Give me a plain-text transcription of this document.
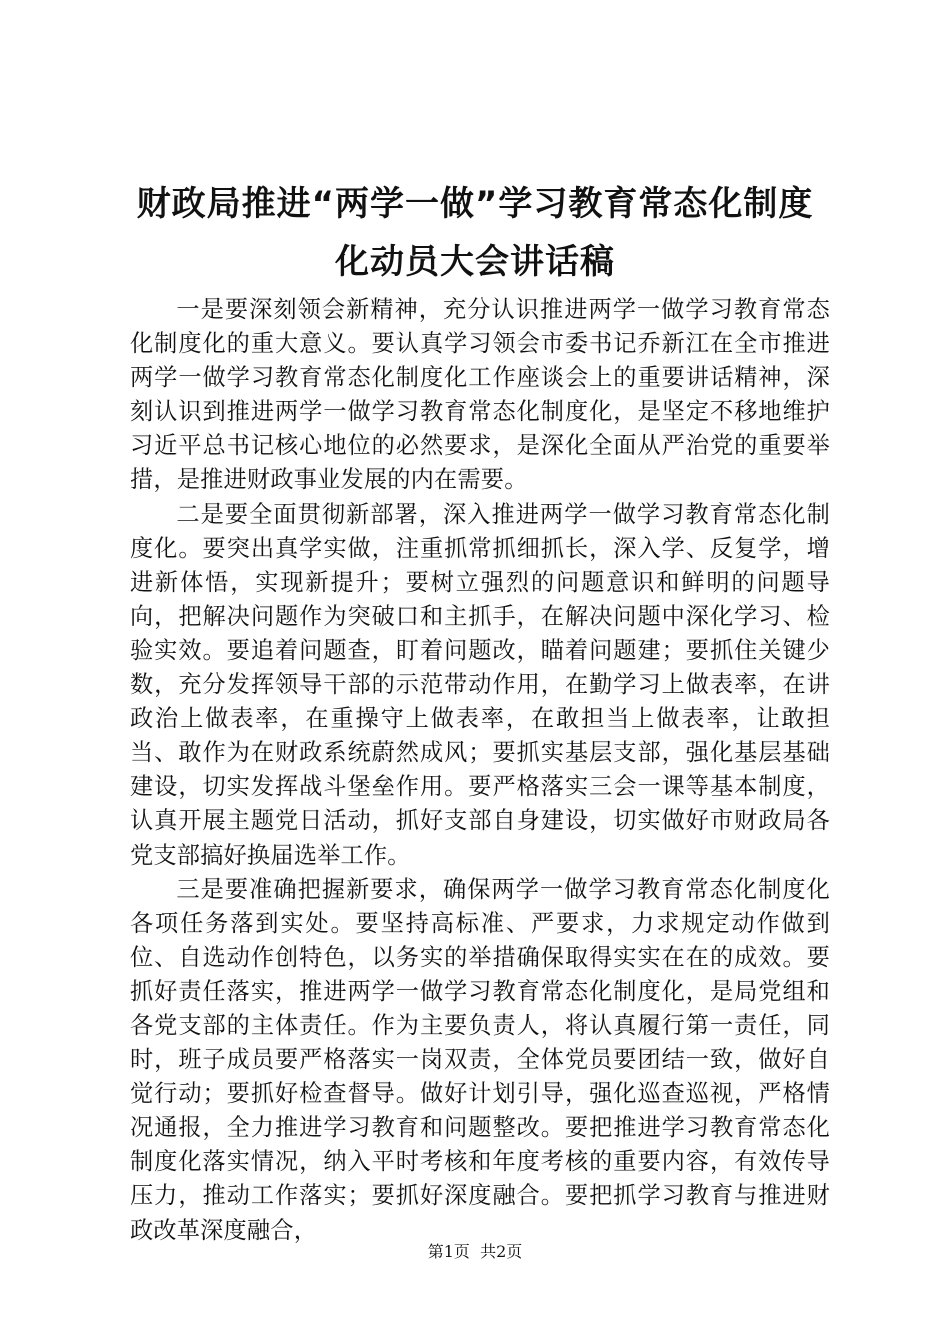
财政局推进“两学一做”学习教育常态化制度
化动员大会讲话稿

一是要深刻领会新精神，充分认识推进两学一做学习教育常态化制度化的重大意义。要认真学习领会市委书记乔新江在全市推进两学一做学习教育常态化制度化工作座谈会上的重要讲话精神，深刻认识到推进两学一做学习教育常态化制度化，是坚定不移地维护习近平总书记核心地位的必然要求，是深化全面从严治党的重要举措，是推进财政事业发展的内在需要。

二是要全面贯彻新部署，深入推进两学一做学习教育常态化制度化。要突出真学实做，注重抓常抓细抓长，深入学、反复学，增进新体悟，实现新提升；要树立强烈的问题意识和鲜明的问题导向，把解决问题作为突破口和主抓手，在解决问题中深化学习、检验实效。要追着问题查，盯着问题改，瞄着问题建；要抓住关键少数，充分发挥领导干部的示范带动作用，在勤学习上做表率，在讲政治上做表率，在重操守上做表率，在敢担当上做表率，让敢担当、敢作为在财政系统蔚然成风；要抓实基层支部，强化基层基础建设，切实发挥战斗堡垒作用。要严格落实三会一课等基本制度，认真开展主题党日活动，抓好支部自身建设，切实做好市财政局各党支部搞好换届选举工作。

三是要准确把握新要求，确保两学一做学习教育常态化制度化各项任务落到实处。要坚持高标准、严要求，力求规定动作做到位、自选动作创特色，以务实的举措确保取得实实在在的成效。要抓好责任落实，推进两学一做学习教育常态化制度化，是局党组和各党支部的主体责任。作为主要负责人，将认真履行第一责任，同时，班子成员要严格落实一岗双责，全体党员要团结一致，做好自觉行动；要抓好检查督导。做好计划引导，强化巡查巡视，严格情况通报，全力推进学习教育和问题整改。要把推进学习教育常态化制度化落实情况，纳入平时考核和年度考核的重要内容，有效传导压力，推动工作落实；要抓好深度融合。要把抓学习教育与推进财政改革深度融合，

第1页  共2页
